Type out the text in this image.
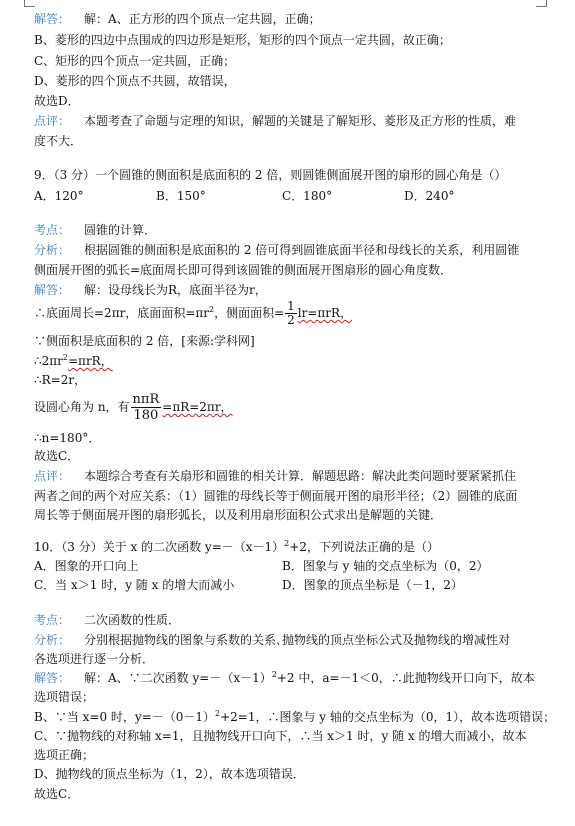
解答： 解：A、正方形的四个顶点一定共圆，正确；
B、菱形的四边中点围成的四边形是矩形，矩形的四个顶点一定共圆，故正确；
C、矩形的四个顶点一定共圆，正确；
D、菱形的四个顶点不共圆，故错误，
故选D．
点评： 本题考查了命题与定理的知识，解题的关键是了解矩形、菱形及正方形的性质，难
度不大．
9．（3 分）一个圆锥的侧面积是底面积的 2 倍，则圆锥侧面展开图的扇形的圆心角是（）
A．120°	B．150°	C．180°	D．240°
考点： 圆锥的计算．
分析： 根据圆锥的侧面积是底面积的 2 倍可得到圆锥底面半径和母线长的关系，利用圆锥
侧面展开图的弧长=底面周长即可得到该圆锥的侧面展开图扇形的圆心角度数．
解答： 解：设母线长为R，底面半径为r，
∴底面周长=2πr，底面面积$=\pi r^2$，侧面面积= $\frac{1}{2} lr=\pi rR$，
∵侧面积是底面积的 2 倍，[来源:学科网]
$\therefore 2\pi r^2=\pi rR$，
∴R=2r，
设圆心角为 n，有 $\frac{\text{nπR}}{180} =\pi R=2\pi r$，
∴n=180°．
故选C．
点评： 本题综合考查有关扇形和圆锥的相关计算．解题思路：解决此类问题时要紧紧抓住
两者之间的两个对应关系：（1）圆锥的母线长等于侧面展开图的扇形半径；（2）圆锥的底面
周长等于侧面展开图的扇形弧长，以及利用扇形面积公式求出是解题的关键．
10．（3 分）关于 x 的二次函数 $y=-(x-1)^2+2$，下列说法正确的是（）
A．图象的开口向上	B．图象与 y 轴的交点坐标为（0，2）
C．当 x＞1 时，y 随 x 的增大而减小	D．图象的顶点坐标是（－1，2）
考点： 二次函数的性质．
分析： 分别根据抛物线的图象与系数的关系､抛物线的顶点坐标公式及抛物线的增减性对
各选项进行逐一分析．
解答： 解：A、∵二次函数 $y=-(x-1)^2+2$ 中，a=－1＜0，∴此抛物线开口向下，故本
选项错误；
B、∵当 x=0 时，$y=-(0-1)^2+2=1$，∴图象与 y 轴的交点坐标为（0，1），故本选项错误；
C、∵抛物线的对称轴 x=1，且抛物线开口向下，∴当 x＞1 时，y 随 x 的增大而减小，故本
选项正确；
D、抛物线的顶点坐标为（1，2），故本选项错误．
故选C．
